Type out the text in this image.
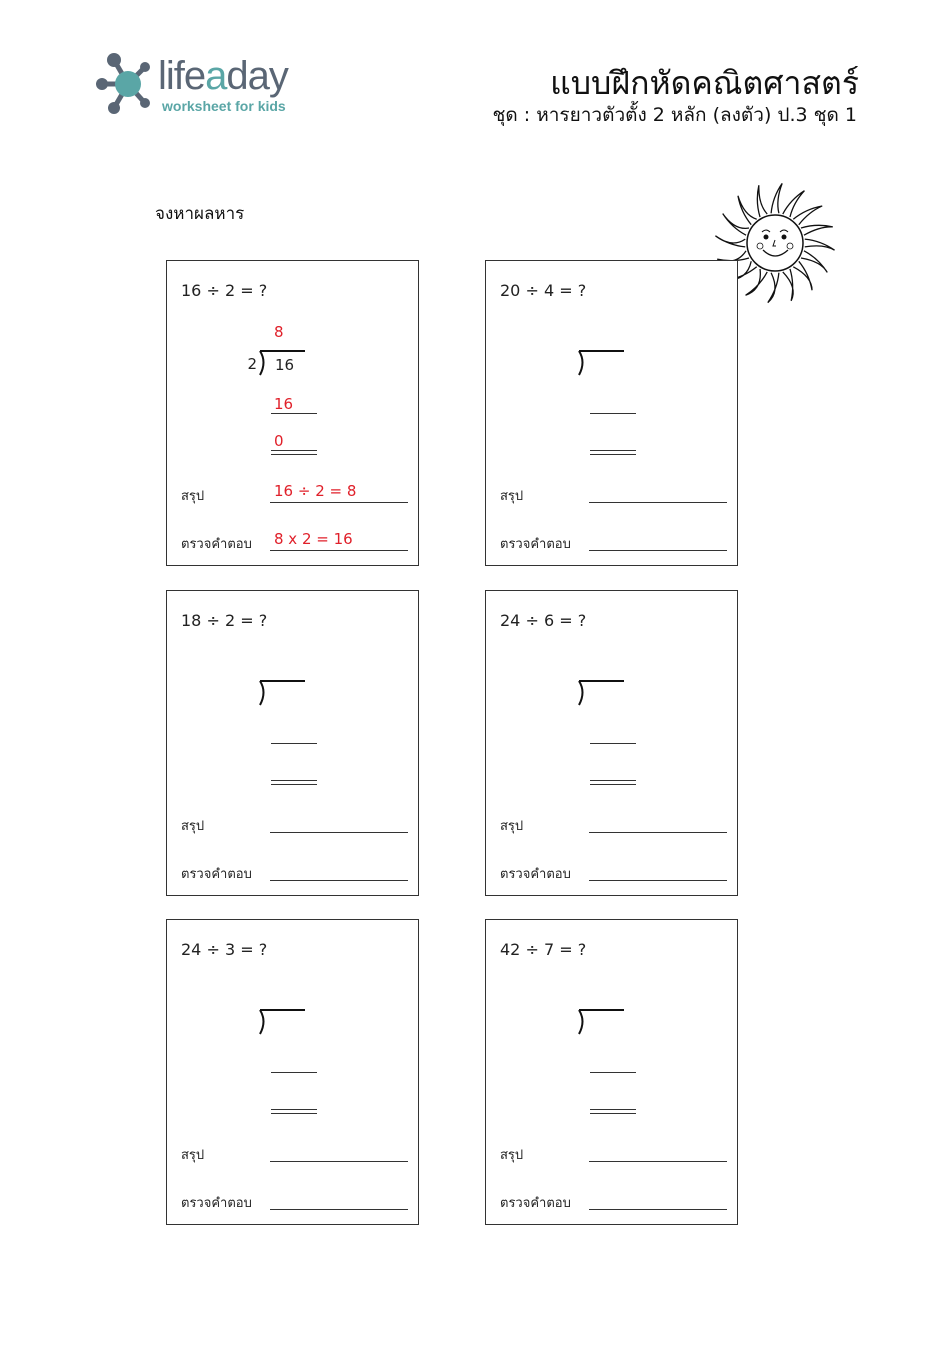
lifeaday
worksheet for kids
แบบฝึกหัดคณิตศาสตร์
ชุด : หารยาวตัวตั้ง 2 หลัก (ลงตัว) ป.3 ชุด 1
จงหาผลหาร
16 ÷ 2 = ?
8
2 16
16
0
สรุป	16 ÷ 2 = 8
ตรวจคำตอบ 8 x 2 = 16
20 ÷ 4 = ?
สรุป
ตรวจคำตอบ
18 ÷ 2 = ?
สรุป
ตรวจคำตอบ
24 ÷ 6 = ?
สรุป
ตรวจคำตอบ
24 ÷ 3 = ?
สรุป
ตรวจคำตอบ
42 ÷ 7 = ?
สรุป
ตรวจคำตอบ
